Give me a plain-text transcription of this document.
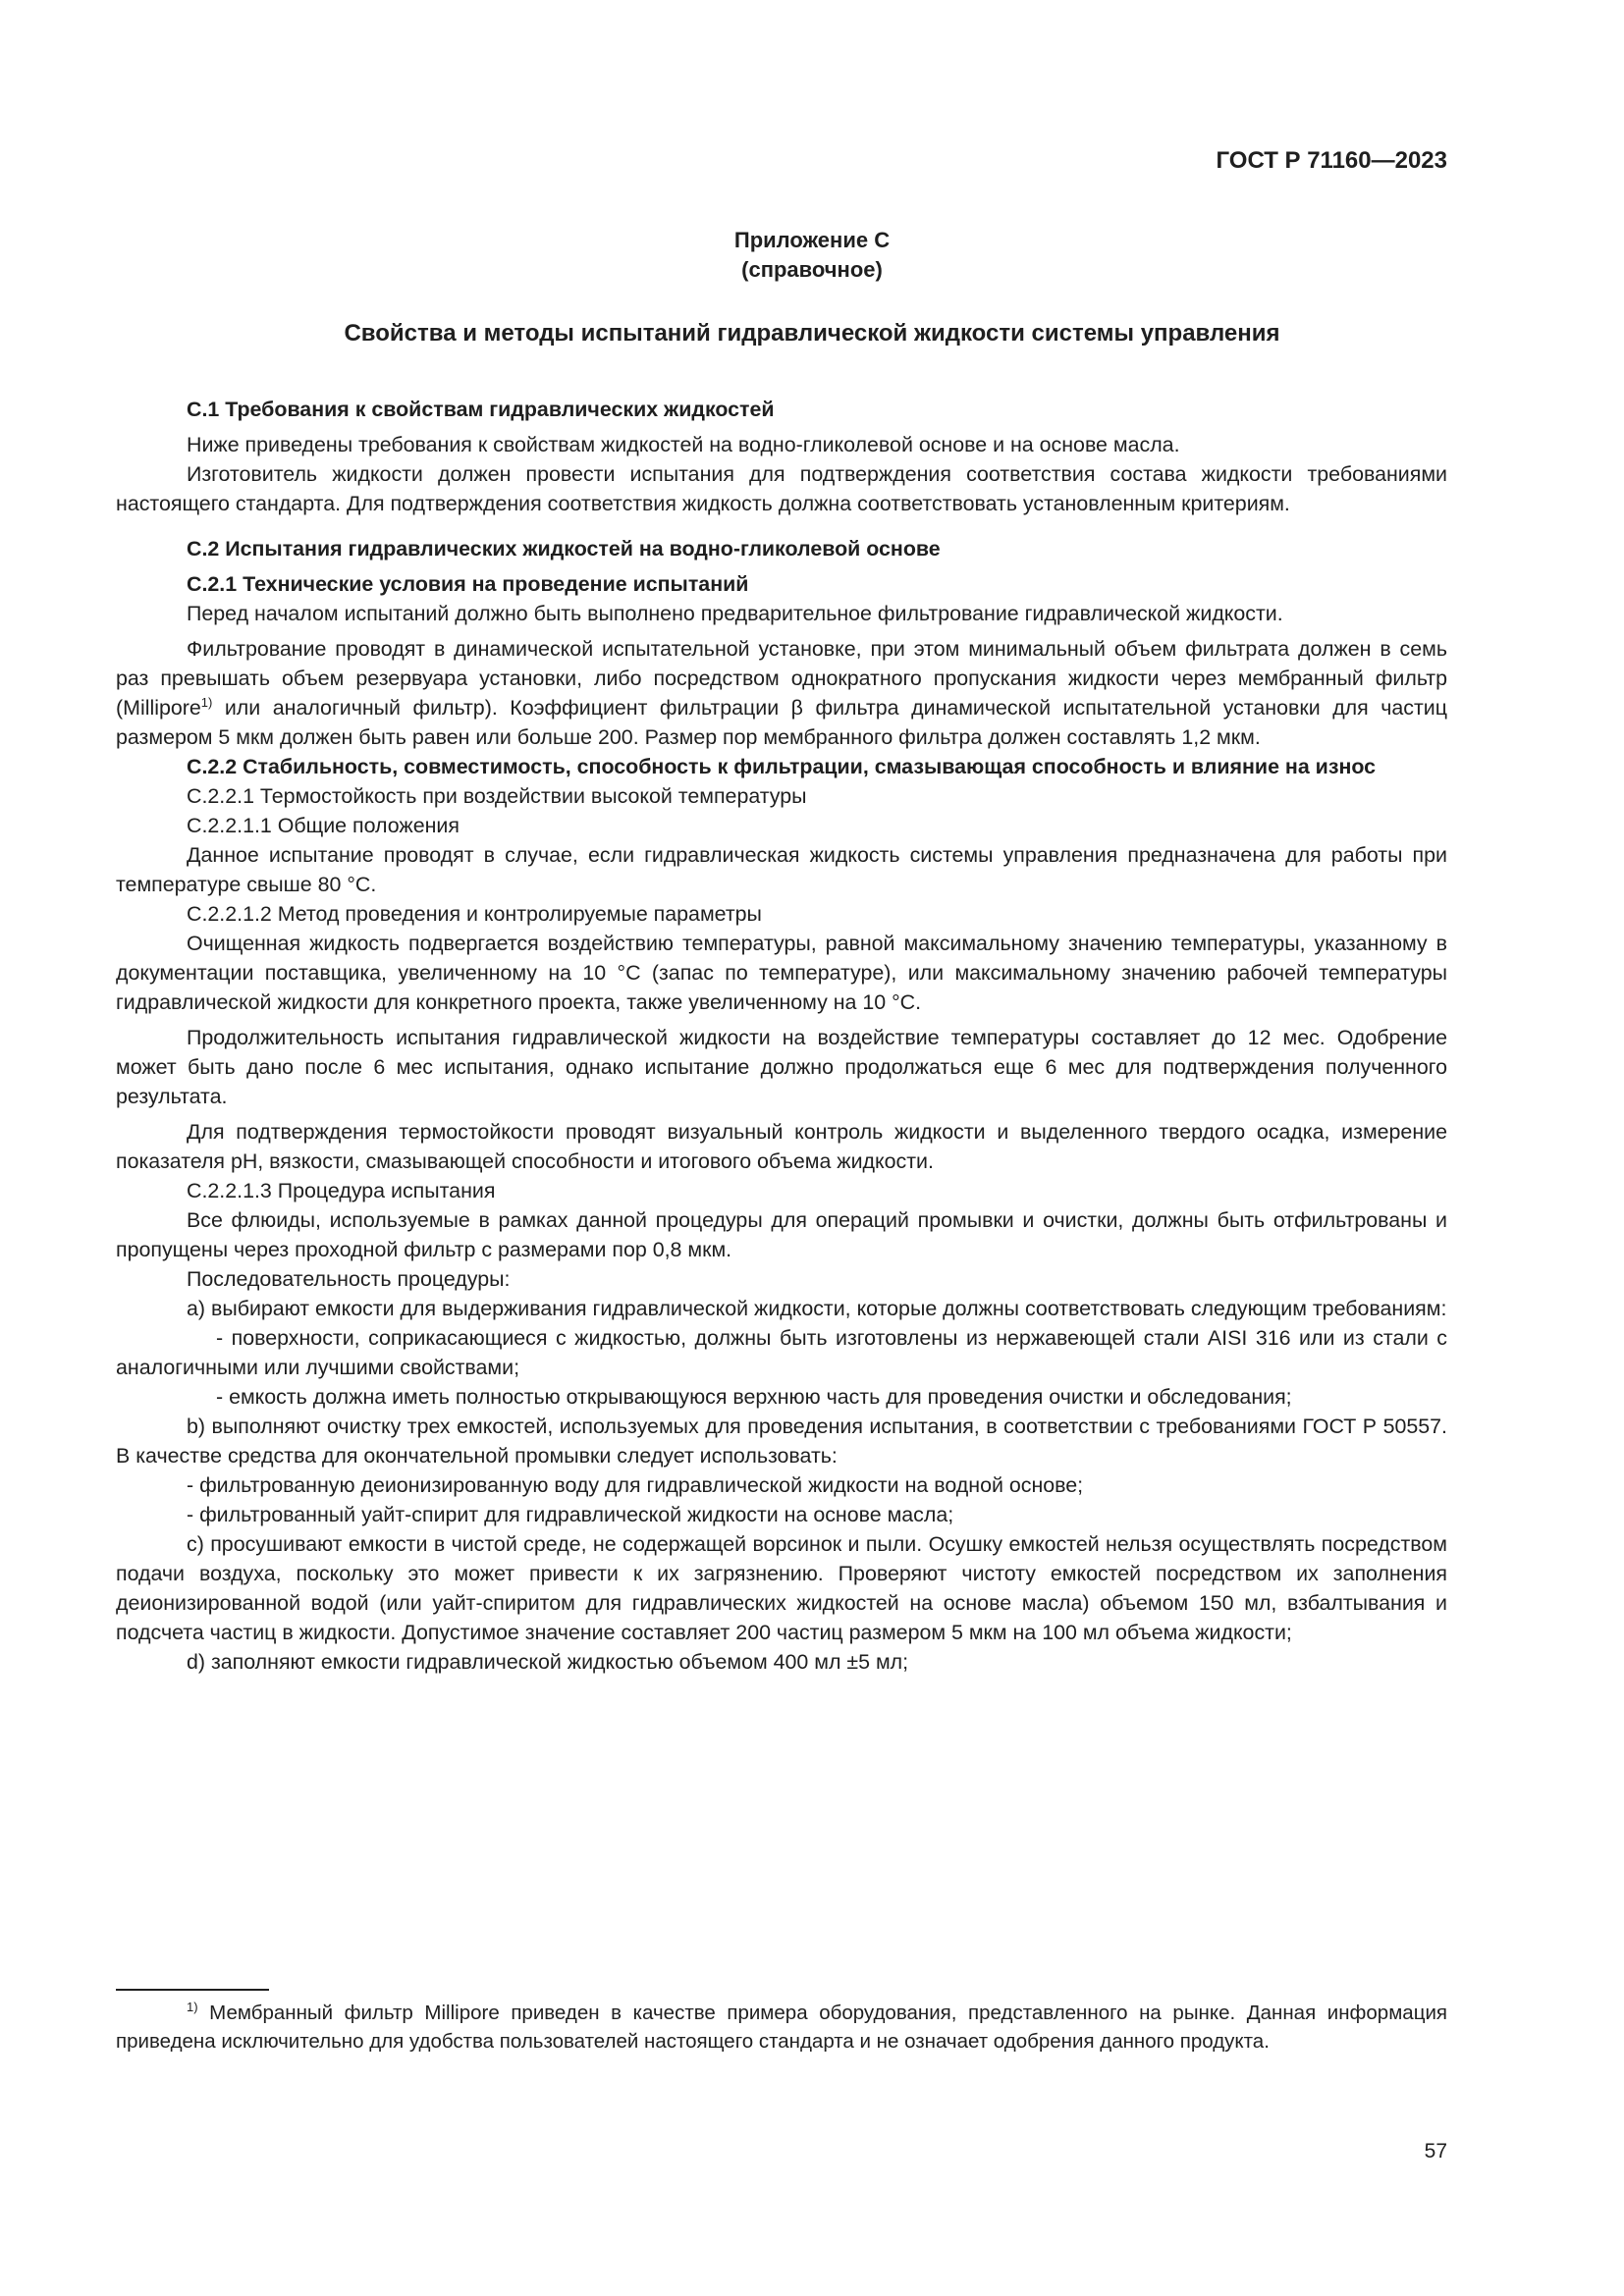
ГОСТ Р 71160—2023
Приложение С
(справочное)
Свойства и методы испытаний гидравлической жидкости системы управления

С.1 Требования к свойствам гидравлических жидкостей

Ниже приведены требования к свойствам жидкостей на водно-гликолевой основе и на основе масла.

Изготовитель жидкости должен провести испытания для подтверждения соответствия состава жидкости требованиями настоящего стандарта. Для подтверждения соответствия жидкость должна соответствовать установленным критериям.

С.2 Испытания гидравлических жидкостей на водно-гликолевой основе

С.2.1 Технические условия на проведение испытаний

Перед началом испытаний должно быть выполнено предварительное фильтрование гидравлической жидкости.

Фильтрование проводят в динамической испытательной установке, при этом минимальный объем фильтрата должен в семь раз превышать объем резервуара установки, либо посредством однократного пропускания жидкости через мембранный фильтр (Millipore$^{1)}$ или аналогичный фильтр). Коэффициент фильтрации β фильтра динамической испытательной установки для частиц размером 5 мкм должен быть равен или больше 200. Размер пор мембранного фильтра должен составлять 1,2 мкм.

С.2.2 Стабильность, совместимость, способность к фильтрации, смазывающая способность и влияние на износ

С.2.2.1 Термостойкость при воздействии высокой температуры

С.2.2.1.1 Общие положения

Данное испытание проводят в случае, если гидравлическая жидкость системы управления предназначена для работы при температуре свыше 80 °С.

С.2.2.1.2 Метод проведения и контролируемые параметры

Очищенная жидкость подвергается воздействию температуры, равной максимальному значению температуры, указанному в документации поставщика, увеличенному на 10 °С (запас по температуре), или максимальному значению рабочей температуры гидравлической жидкости для конкретного проекта, также увеличенному на 10 °С.

Продолжительность испытания гидравлической жидкости на воздействие температуры составляет до 12 мес. Одобрение может быть дано после 6 мес испытания, однако испытание должно продолжаться еще 6 мес для подтверждения полученного результата.

Для подтверждения термостойкости проводят визуальный контроль жидкости и выделенного твердого осадка, измерение показателя рН, вязкости, смазывающей способности и итогового объема жидкости.

С.2.2.1.3 Процедура испытания

Все флюиды, используемые в рамках данной процедуры для операций промывки и очистки, должны быть отфильтрованы и пропущены через проходной фильтр с размерами пор 0,8 мкм.

Последовательность процедуры:

а) выбирают емкости для выдерживания гидравлической жидкости, которые должны соответствовать следующим требованиям:

- поверхности, соприкасающиеся с жидкостью, должны быть изготовлены из нержавеющей стали AISI 316 или из стали с аналогичными или лучшими свойствами;

- емкость должна иметь полностью открывающуюся верхнюю часть для проведения очистки и обследования;

b) выполняют очистку трех емкостей, используемых для проведения испытания, в соответствии с требованиями ГОСТ Р 50557. В качестве средства для окончательной промывки следует использовать:

- фильтрованную деионизированную воду для гидравлической жидкости на водной основе;

- фильтрованный уайт-спирит для гидравлической жидкости на основе масла;

с) просушивают емкости в чистой среде, не содержащей ворсинок и пыли. Осушку емкостей нельзя осуществлять посредством подачи воздуха, поскольку это может привести к их загрязнению. Проверяют чистоту емкостей посредством их заполнения деионизированной водой (или уайт-спиритом для гидравлических жидкостей на основе масла) объемом 150 мл, взбалтывания и подсчета частиц в жидкости. Допустимое значение составляет 200 частиц размером 5 мкм на 100 мл объема жидкости;

d) заполняют емкости гидравлической жидкостью объемом 400 мл ±5 мл;

$^{1)}$ Мембранный фильтр Millipore приведен в качестве примера оборудования, представленного на рынке. Данная информация приведена исключительно для удобства пользователей настоящего стандарта и не означает одобрения данного продукта.

57
